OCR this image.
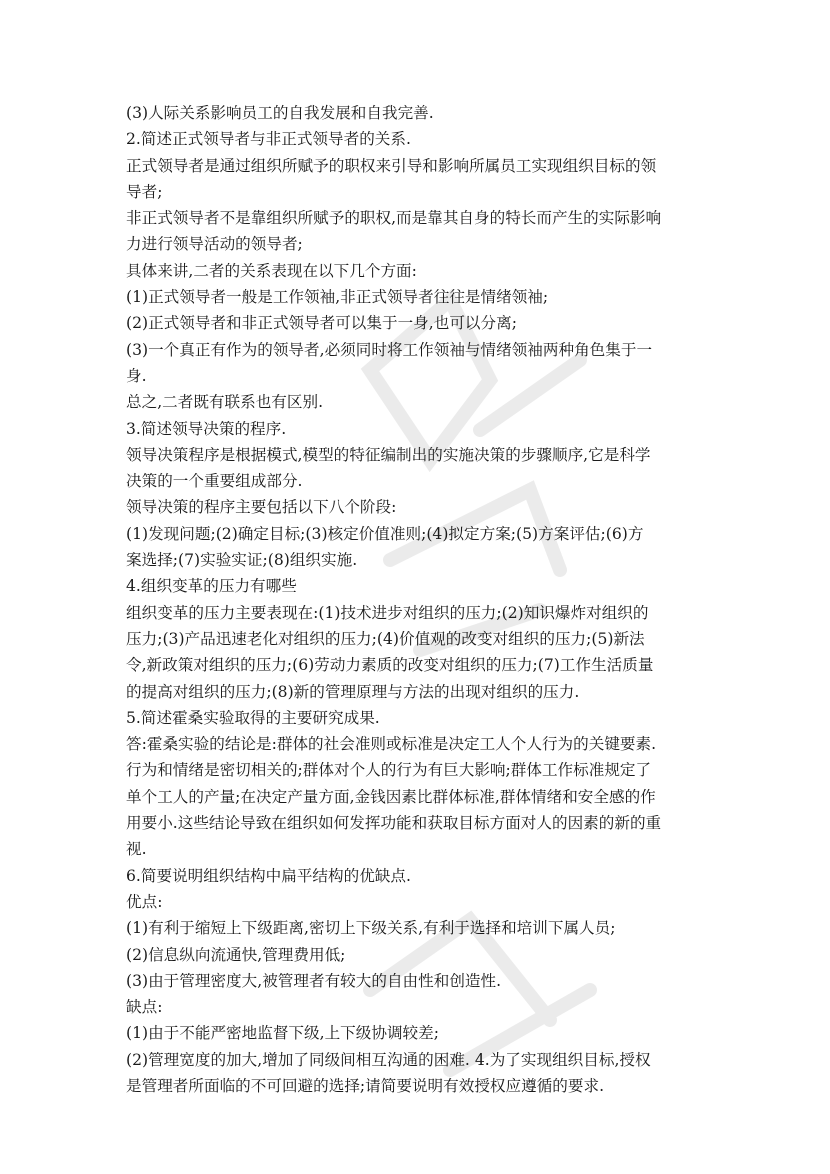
(3)人际关系影响员工的自我发展和自我完善.
2.简述正式领导者与非正式领导者的关系.
正式领导者是通过组织所赋予的职权来引导和影响所属员工实现组织目标的领
导者;
非正式领导者不是靠组织所赋予的职权,而是靠其自身的特长而产生的实际影响
力进行领导活动的领导者;
具体来讲,二者的关系表现在以下几个方面:
(1)正式领导者一般是工作领袖,非正式领导者往往是情绪领袖;
(2)正式领导者和非正式领导者可以集于一身,也可以分离;
(3)一个真正有作为的领导者,必须同时将工作领袖与情绪领袖两种角色集于一
身.
总之,二者既有联系也有区别.
3.简述领导决策的程序.
领导决策程序是根据模式,模型的特征编制出的实施决策的步骤顺序,它是科学
决策的一个重要组成部分.
领导决策的程序主要包括以下八个阶段:
(1)发现问题;(2)确定目标;(3)核定价值准则;(4)拟定方案;(5)方案评估;(6)方
案选择;(7)实验实证;(8)组织实施.
4.组织变革的压力有哪些
组织变革的压力主要表现在:(1)技术进步对组织的压力;(2)知识爆炸对组织的
压力;(3)产品迅速老化对组织的压力;(4)价值观的改变对组织的压力;(5)新法
令,新政策对组织的压力;(6)劳动力素质的改变对组织的压力;(7)工作生活质量
的提高对组织的压力;(8)新的管理原理与方法的出现对组织的压力.
5.简述霍桑实验取得的主要研究成果.
答:霍桑实验的结论是:群体的社会准则或标准是决定工人个人行为的关键要素.
行为和情绪是密切相关的;群体对个人的行为有巨大影响;群体工作标准规定了
单个工人的产量;在决定产量方面,金钱因素比群体标准,群体情绪和安全感的作
用要小.这些结论导致在组织如何发挥功能和获取目标方面对人的因素的新的重
视.
6.简要说明组织结构中扁平结构的优缺点.
优点:
(1)有利于缩短上下级距离,密切上下级关系,有利于选择和培训下属人员;
(2)信息纵向流通快,管理费用低;
(3)由于管理密度大,被管理者有较大的自由性和创造性.
缺点:
(1)由于不能严密地监督下级,上下级协调较差;
(2)管理宽度的加大,增加了同级间相互沟通的困难. 4.为了实现组织目标,授权
是管理者所面临的不可回避的选择;请简要说明有效授权应遵循的要求.
